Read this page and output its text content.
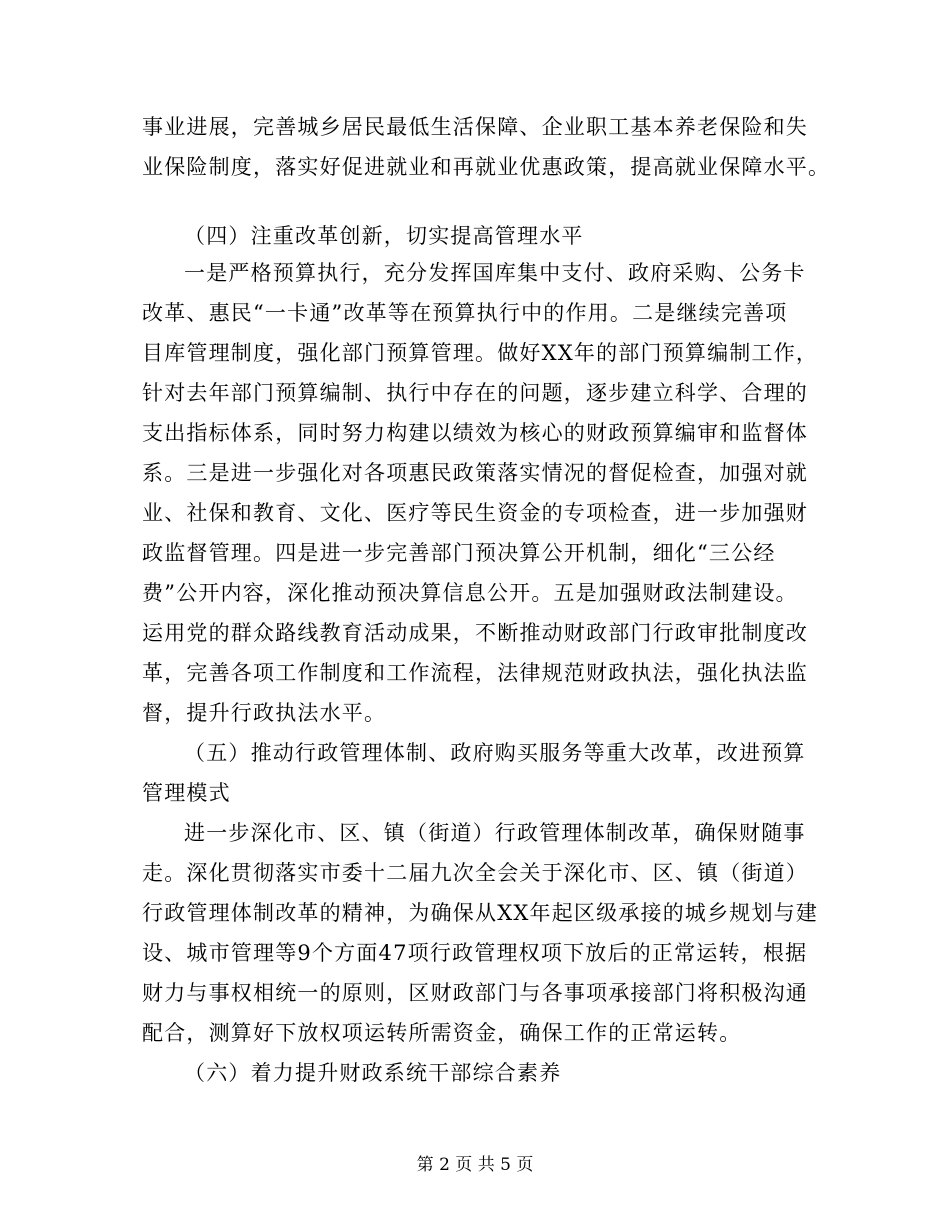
事业进展，完善城乡居民最低生活保障、企业职工基本养老保险和失
业保险制度，落实好促进就业和再就业优惠政策，提高就业保障水平。
（四）注重改革创新，切实提高管理水平
一是严格预算执行，充分发挥国库集中支付、政府采购、公务卡
改革、惠民“一卡通”改革等在预算执行中的作用。二是继续完善项
目库管理制度，强化部门预算管理。做好XX年的部门预算编制工作，
针对去年部门预算编制、执行中存在的问题，逐步建立科学、合理的
支出指标体系，同时努力构建以绩效为核心的财政预算编审和监督体
系。三是进一步强化对各项惠民政策落实情况的督促检查，加强对就
业、社保和教育、文化、医疗等民生资金的专项检查，进一步加强财
政监督管理。四是进一步完善部门预决算公开机制，细化“三公经
费”公开内容，深化推动预决算信息公开。五是加强财政法制建设。
运用党的群众路线教育活动成果，不断推动财政部门行政审批制度改
革，完善各项工作制度和工作流程，法律规范财政执法，强化执法监
督，提升行政执法水平。
（五）推动行政管理体制、政府购买服务等重大改革，改进预算
管理模式
进一步深化市、区、镇（街道）行政管理体制改革，确保财随事
走。深化贯彻落实市委十二届九次全会关于深化市、区、镇（街道）
行政管理体制改革的精神，为确保从XX年起区级承接的城乡规划与建
设、城市管理等9个方面47项行政管理权项下放后的正常运转，根据
财力与事权相统一的原则，区财政部门与各事项承接部门将积极沟通
配合，测算好下放权项运转所需资金，确保工作的正常运转。
（六）着力提升财政系统干部综合素养
第 2 页 共 5 页
